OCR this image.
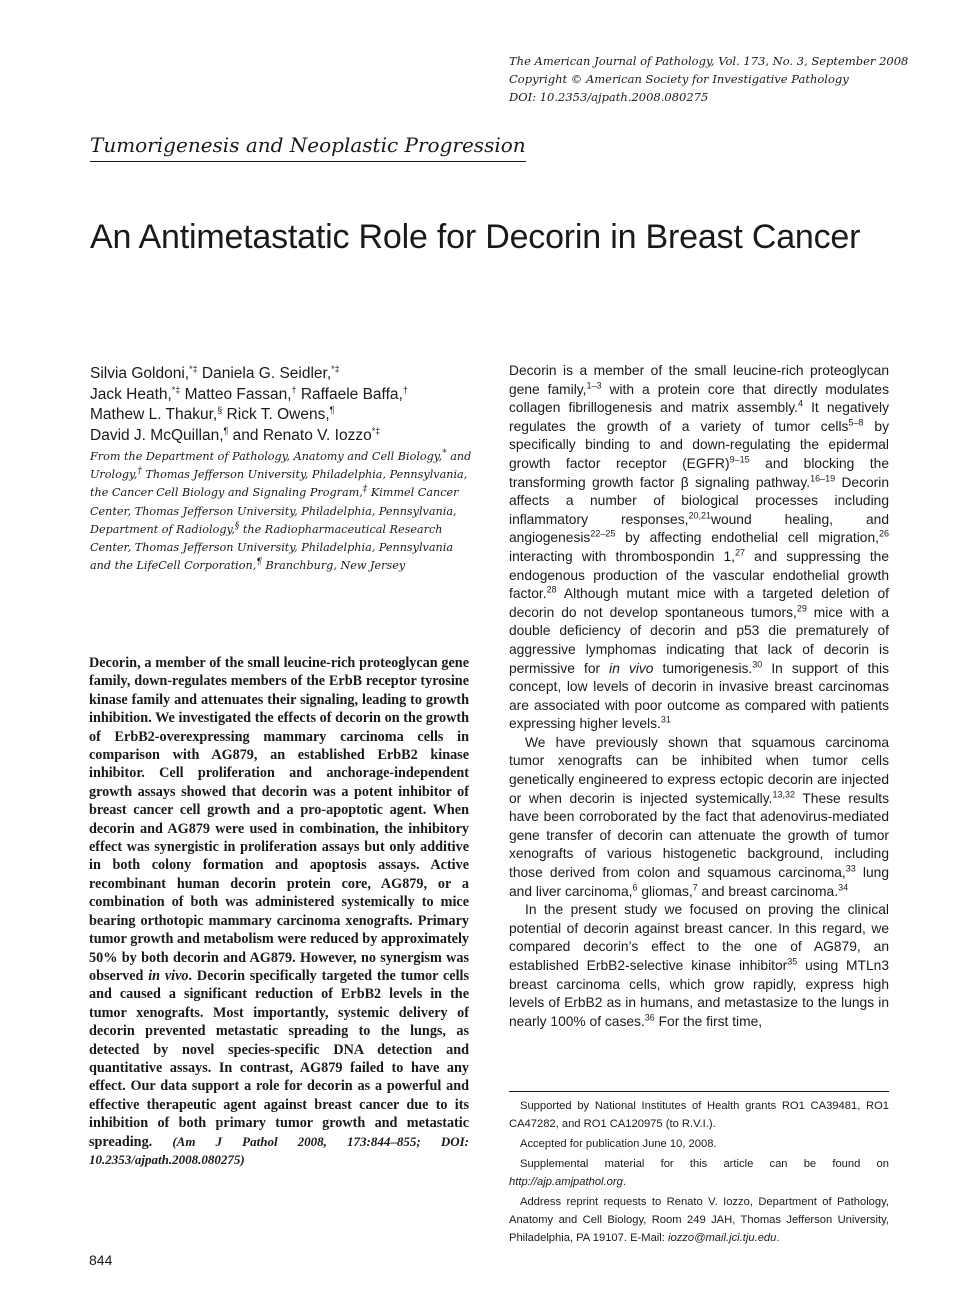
The American Journal of Pathology, Vol. 173, No. 3, September 2008
Copyright © American Society for Investigative Pathology
DOI: 10.2353/ajpath.2008.080275
Tumorigenesis and Neoplastic Progression
An Antimetastatic Role for Decorin in Breast Cancer
Silvia Goldoni,*‡ Daniela G. Seidler,*‡
Jack Heath,*‡ Matteo Fassan,† Raffaele Baffa,†
Mathew L. Thakur,§ Rick T. Owens,¶
David J. McQuillan,¶ and Renato V. Iozzo*‡
From the Department of Pathology, Anatomy and Cell Biology,* and Urology,† Thomas Jefferson University, Philadelphia, Pennsylvania, the Cancer Cell Biology and Signaling Program,‡ Kimmel Cancer Center, Thomas Jefferson University, Philadelphia, Pennsylvania, Department of Radiology,§ the Radiopharmaceutical Research Center, Thomas Jefferson University, Philadelphia, Pennsylvania and the LifeCell Corporation,¶ Branchburg, New Jersey
Decorin, a member of the small leucine-rich proteoglycan gene family, down-regulates members of the ErbB receptor tyrosine kinase family and attenuates their signaling, leading to growth inhibition. We investigated the effects of decorin on the growth of ErbB2-overexpressing mammary carcinoma cells in comparison with AG879, an established ErbB2 kinase inhibitor. Cell proliferation and anchorage-independent growth assays showed that decorin was a potent inhibitor of breast cancer cell growth and a pro-apoptotic agent. When decorin and AG879 were used in combination, the inhibitory effect was synergistic in proliferation assays but only additive in both colony formation and apoptosis assays. Active recombinant human decorin protein core, AG879, or a combination of both was administered systemically to mice bearing orthotopic mammary carcinoma xenografts. Primary tumor growth and metabolism were reduced by approximately 50% by both decorin and AG879. However, no synergism was observed in vivo. Decorin specifically targeted the tumor cells and caused a significant reduction of ErbB2 levels in the tumor xenografts. Most importantly, systemic delivery of decorin prevented metastatic spreading to the lungs, as detected by novel species-specific DNA detection and quantitative assays. In contrast, AG879 failed to have any effect. Our data support a role for decorin as a powerful and effective therapeutic agent against breast cancer due to its inhibition of both primary tumor growth and metastatic spreading. (Am J Pathol 2008, 173:844–855; DOI: 10.2353/ajpath.2008.080275)

Decorin is a member of the small leucine-rich proteoglycan gene family,$^{1-3}$ with a protein core that directly modulates collagen fibrillogenesis and matrix assembly.$^4$ It negatively regulates the growth of a variety of tumor cells$^{5-8}$ by specifically binding to and down-regulating the epidermal growth factor receptor (EGFR)$^{9-15}$ and blocking the transforming growth factor β signaling pathway.$^{16-19}$ Decorin affects a number of biological processes including inflammatory responses,$^{20,21}$wound healing, and angiogenesis$^{22-25}$ by affecting endothelial cell migration,$^{26}$ interacting with thrombospondin 1,27 and suppressing the endogenous production of the vascular endothelial growth factor.$^{28}$ Although mutant mice with a targeted deletion of decorin do not develop spontaneous tumors,$^{29}$ mice with a double deficiency of decorin and p53 die prematurely of aggressive lymphomas indicating that lack of decorin is permissive for in vivo tumorigenesis.$^{30}$ In support of this concept, low levels of decorin in invasive breast carcinomas are associated with poor outcome as compared with patients expressing higher levels.$^{31}$

We have previously shown that squamous carcinoma tumor xenografts can be inhibited when tumor cells genetically engineered to express ectopic decorin are injected or when decorin is injected systemically.$^{13,32}$ These results have been corroborated by the fact that adenovirus-mediated gene transfer of decorin can attenuate the growth of tumor xenografts of various histogenetic background, including those derived from colon and squamous carcinoma,$^{33}$ lung and liver carcinoma,$^6$ gliomas,$^7$ and breast carcinoma.$^{34}$

In the present study we focused on proving the clinical potential of decorin against breast cancer. In this regard, we compared decorin’s effect to the one of AG879, an established ErbB2-selective kinase inhibitor$^{35}$ using MTLn3 breast carcinoma cells, which grow rapidly, express high levels of ErbB2 as in humans, and metastasize to the lungs in nearly 100% of cases.$^{36}$ For the first time,

Supported by National Institutes of Health grants RO1 CA39481, RO1 CA47282, and RO1 CA120975 (to R.V.I.).

Accepted for publication June 10, 2008.

Supplemental material for this article can be found on http://ajp.amjpathol.org.

Address reprint requests to Renato V. Iozzo, Department of Pathology, Anatomy and Cell Biology, Room 249 JAH, Thomas Jefferson University, Philadelphia, PA 19107. E-Mail: iozzo@mail.jci.tju.edu.

844
